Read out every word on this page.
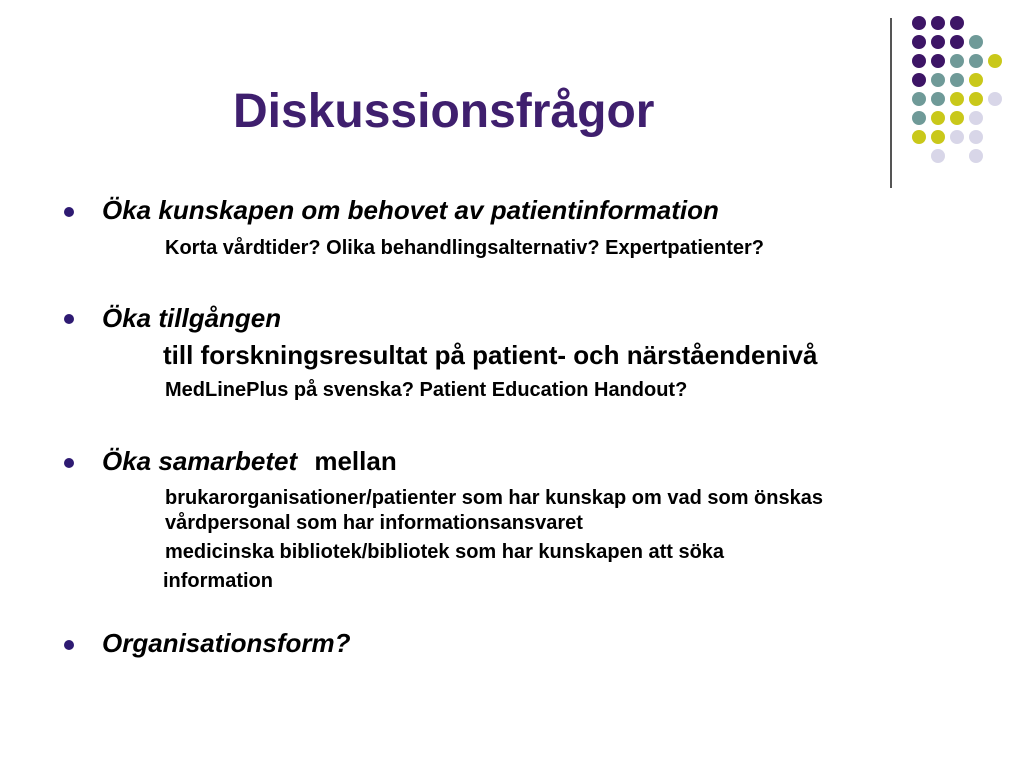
Diskussionsfrågor
Öka kunskapen om behovet av patientinformation
Korta vårdtider? Olika behandlingsalternativ? Expertpatienter?
Öka tillgången
till forskningsresultat på patient- och närståendenivå
MedLinePlus på svenska? Patient Education Handout?
Öka samarbetet mellan
brukarorganisationer/patienter som har kunskap om vad som önskas
vårdpersonal som har informationsansvaret
medicinska bibliotek/bibliotek som har kunskapen att söka
information
Organisationsform?
